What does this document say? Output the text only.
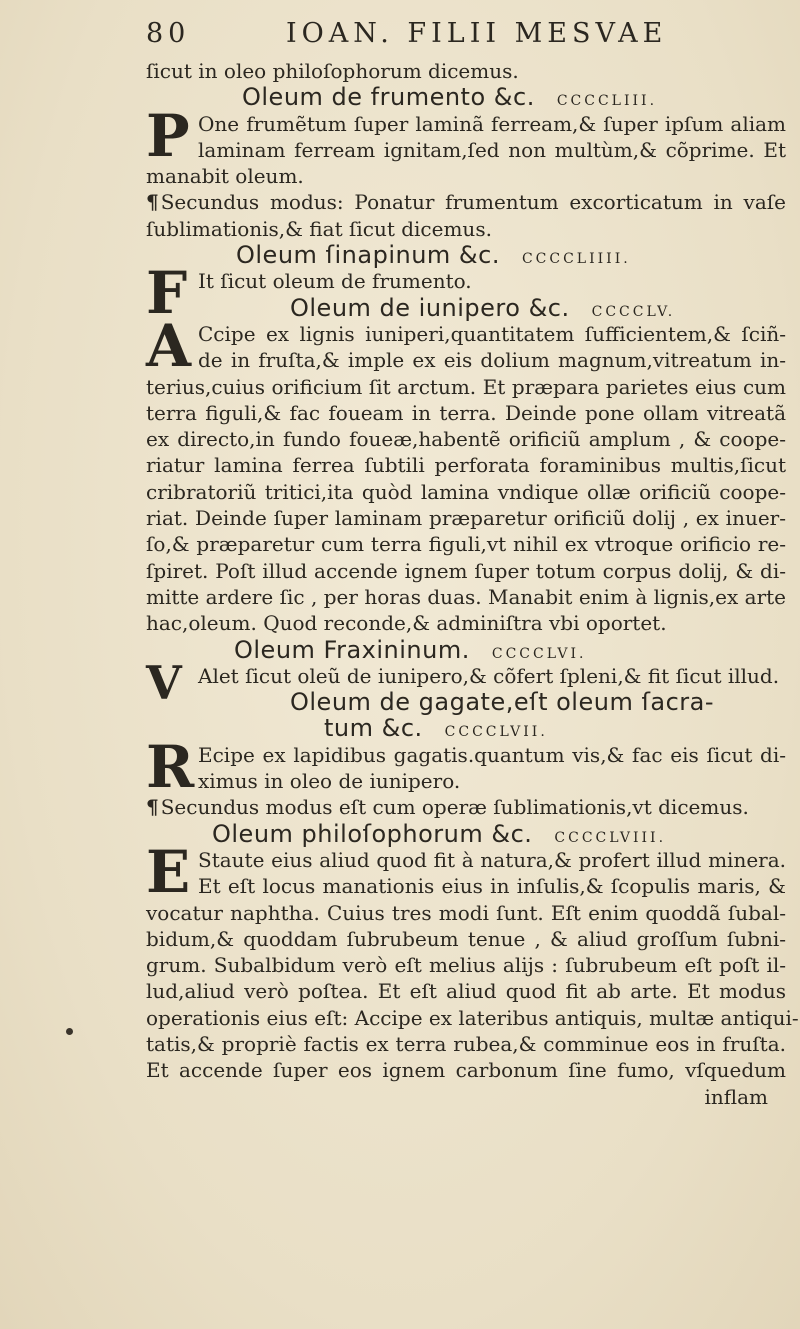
80	IOAN. FILII MESVAE
ſicut in oleo philoſophorum dicemus.
Oleum de frumento &c. CCCCLIII.
P One frumẽtum ſuper laminã ferream,& ſuper ipſum aliam
laminam ferream ignitam,ſed non multùm,& cõprime. Et
manabit oleum.
¶ Secundus modus: Ponatur frumentum excorticatum in vaſe
ſublimationis,& fiat ſicut dicemus.
Oleum ſinapinum &c. CCCCLIIII.
F It ſicut oleum de frumento.
Oleum de iunipero &c. CCCCLV.
A Ccipe ex lignis iuniperi,quantitatem ſufficientem,& ſciñ-
de in fruſta,& imple ex eis dolium magnum,vitreatum in-
terius,cuius orificium ſit arctum. Et præpara parietes eius cum
terra figuli,& fac foueam in terra. Deinde pone ollam vitreatã
ex directo,in fundo foueæ,habentẽ orificiũ amplum , & coope-
riatur lamina ferrea ſubtili perforata foraminibus multis,ſicut
cribratoriũ tritici,ita quòd lamina vndique ollæ orificiũ coope-
riat. Deinde ſuper laminam præparetur orificiũ dolij , ex inuer-
ſo,& præparetur cum terra figuli,vt nihil ex vtroque orificio re-
ſpiret. Poſt illud accende ignem ſuper totum corpus dolij, & di-
mitte ardere ſic , per horas duas. Manabit enim à lignis,ex arte
hac,oleum. Quod reconde,& adminiſtra vbi oportet.
Oleum Fraxininum. CCCCLVI.
V Alet ſicut oleũ de iunipero,& cõfert ſpleni,& fit ſicut illud.
Oleum de gagate,eſt oleum ſacra-
tum &c. CCCCLVII.
R Ecipe ex lapidibus gagatis.quantum vis,& fac eis ſicut di-
ximus in oleo de iunipero.
¶ Secundus modus eſt cum operæ ſublimationis,vt dicemus.
Oleum philoſophorum &c. CCCCLVIII.
E Staute eius aliud quod fit à natura,& profert illud minera.
Et eſt locus manationis eius in inſulis,& ſcopulis maris, &
vocatur naphtha. Cuius tres modi ſunt. Eſt enim quoddã ſubal-
bidum,& quoddam ſubrubeum tenue , & aliud groſſum ſubni-
grum. Subalbidum verò eſt melius alijs : ſubrubeum eſt poſt il-
lud,aliud verò poſtea. Et eſt aliud quod fit ab arte. Et modus
operationis eius eſt: Accipe ex lateribus antiquis, multæ antiqui-
tatis,& propriè factis ex terra rubea,& comminue eos in fruſta.
Et accende ſuper eos ignem carbonum ſine fumo, vſquedum
inflam
